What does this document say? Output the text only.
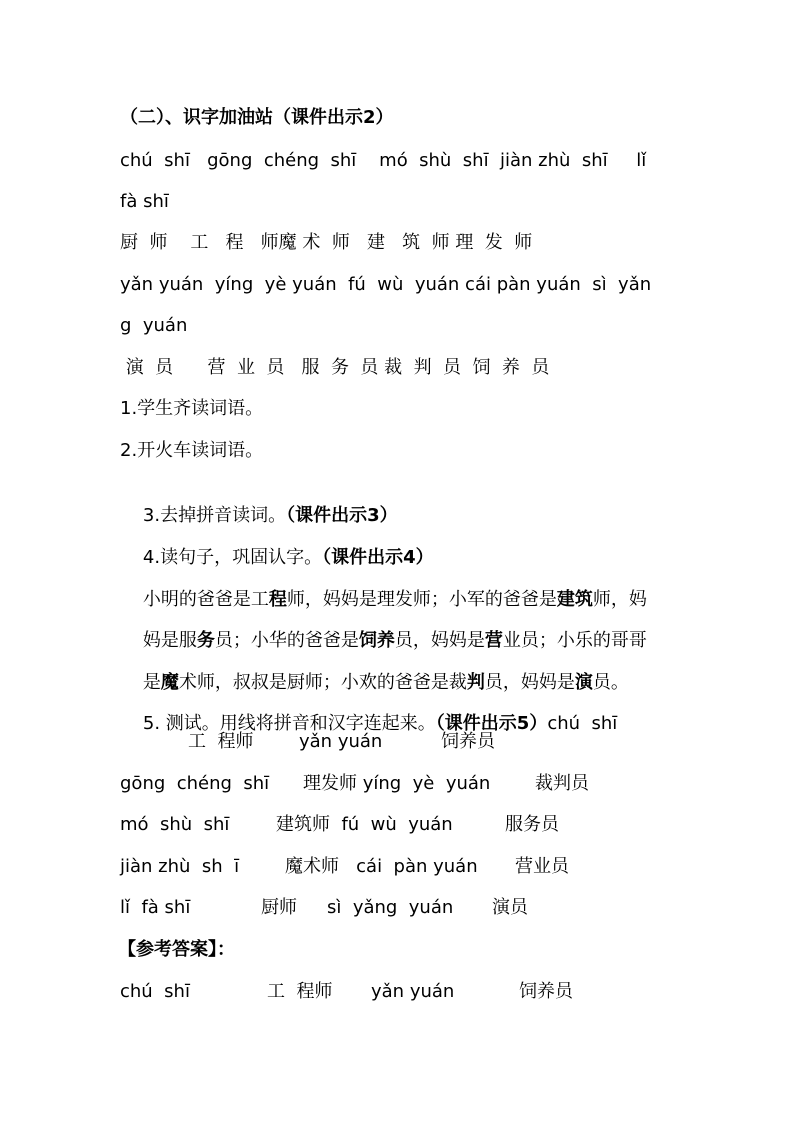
（二）、识字加油站（课件出示2）
chú  shī   gōng  chéng  shī    mó  shù  shī  jiàn zhù  shī     lǐ
fà shī
厨  师    工   程   师魔 术  师   建   筑  师 理  发  师
yǎn yuán  yíng  yè yuán  fú  wù  yuán cái pàn yuán  sì  yǎn
g  yuán
演  员      营  业  员   服  务  员 裁  判  员  饲  养  员
1.学生齐读词语。
2.开火车读词语。

3.去掉拼音读词。（课件出示3）

4.读句子，巩固认字。（课件出示4）

小明的爸爸是工程师，妈妈是理发师；小军的爸爸是建筑师，妈

妈是服务员；小华的爸爸是饲养员，妈妈是营业员；小乐的哥哥

是魔术师，叔叔是厨师；小欢的爸爸是裁判员，妈妈是演员。

5. 测试。用线将拼音和汉字连起来。（课件出示5）chú  shī

工  程师	yǎn yuán	饲养员
gōng  chéng  shī 理发师 yíng  yè  yuán 裁判员
mó  shù  shī	建筑师  fú  wù  yuán	服务员
jiàn zhù  sh  ī	魔术师   cái  pàn yuán 营业员
lǐ  fà shī	厨师 sì  yǎng  yuán 演员
【参考答案】：
chú  shī	工  程师 yǎn yuán	饲养员
